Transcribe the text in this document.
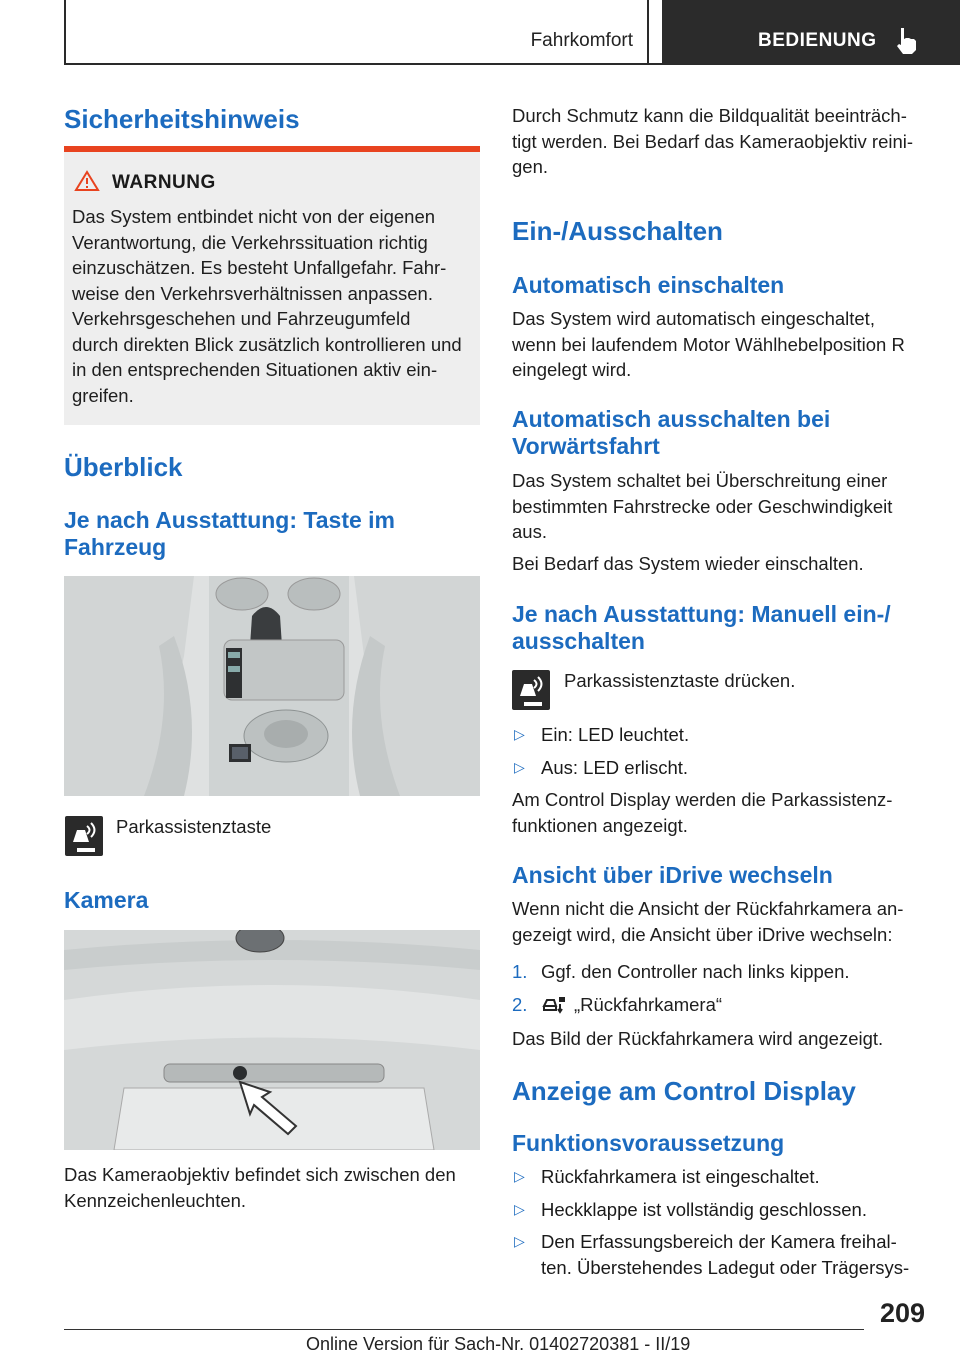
Fahrkomfort	BEDIENUNG
Sicherheitshinweis
WARNUNG
Das System entbindet nicht von der eigenen
Verantwortung, die Verkehrssituation richtig
einzuschätzen. Es besteht Unfallgefahr. Fahr-
weise den Verkehrsverhältnissen anpassen.
Verkehrsgeschehen und Fahrzeugumfeld
durch direkten Blick zusätzlich kontrollieren und
in den entsprechenden Situationen aktiv ein-
greifen.
Überblick
Je nach Ausstattung: Taste im
Fahrzeug
Parkassistenztaste
Kamera
Das Kameraobjektiv befindet sich zwischen den
Kennzeichenleuchten.
Durch Schmutz kann die Bildqualität beeinträch-
tigt werden. Bei Bedarf das Kameraobjektiv reini-
gen.
Ein-/Ausschalten
Automatisch einschalten
Das System wird automatisch eingeschaltet,
wenn bei laufendem Motor Wählhebelposition R
eingelegt wird.
Automatisch ausschalten bei
Vorwärtsfahrt
Das System schaltet bei Überschreitung einer
bestimmten Fahrstrecke oder Geschwindigkeit
aus.
Bei Bedarf das System wieder einschalten.
Je nach Ausstattung: Manuell ein-/
ausschalten
Parkassistenztaste drücken.
▷ Ein: LED leuchtet.
▷ Aus: LED erlischt.
Am Control Display werden die Parkassistenz-
funktionen angezeigt.
Ansicht über iDrive wechseln
Wenn nicht die Ansicht der Rückfahrkamera an-
gezeigt wird, die Ansicht über iDrive wechseln:
1. Ggf. den Controller nach links kippen.
2.	„Rückfahrkamera“
Das Bild der Rückfahrkamera wird angezeigt.
Anzeige am Control Display
Funktionsvoraussetzung
▷ Rückfahrkamera ist eingeschaltet.
▷ Heckklappe ist vollständig geschlossen.
▷ Den Erfassungsbereich der Kamera freihal-
ten. Überstehendes Ladegut oder Trägersys-
209
Online Version für Sach-Nr. 01402720381 - II/19
